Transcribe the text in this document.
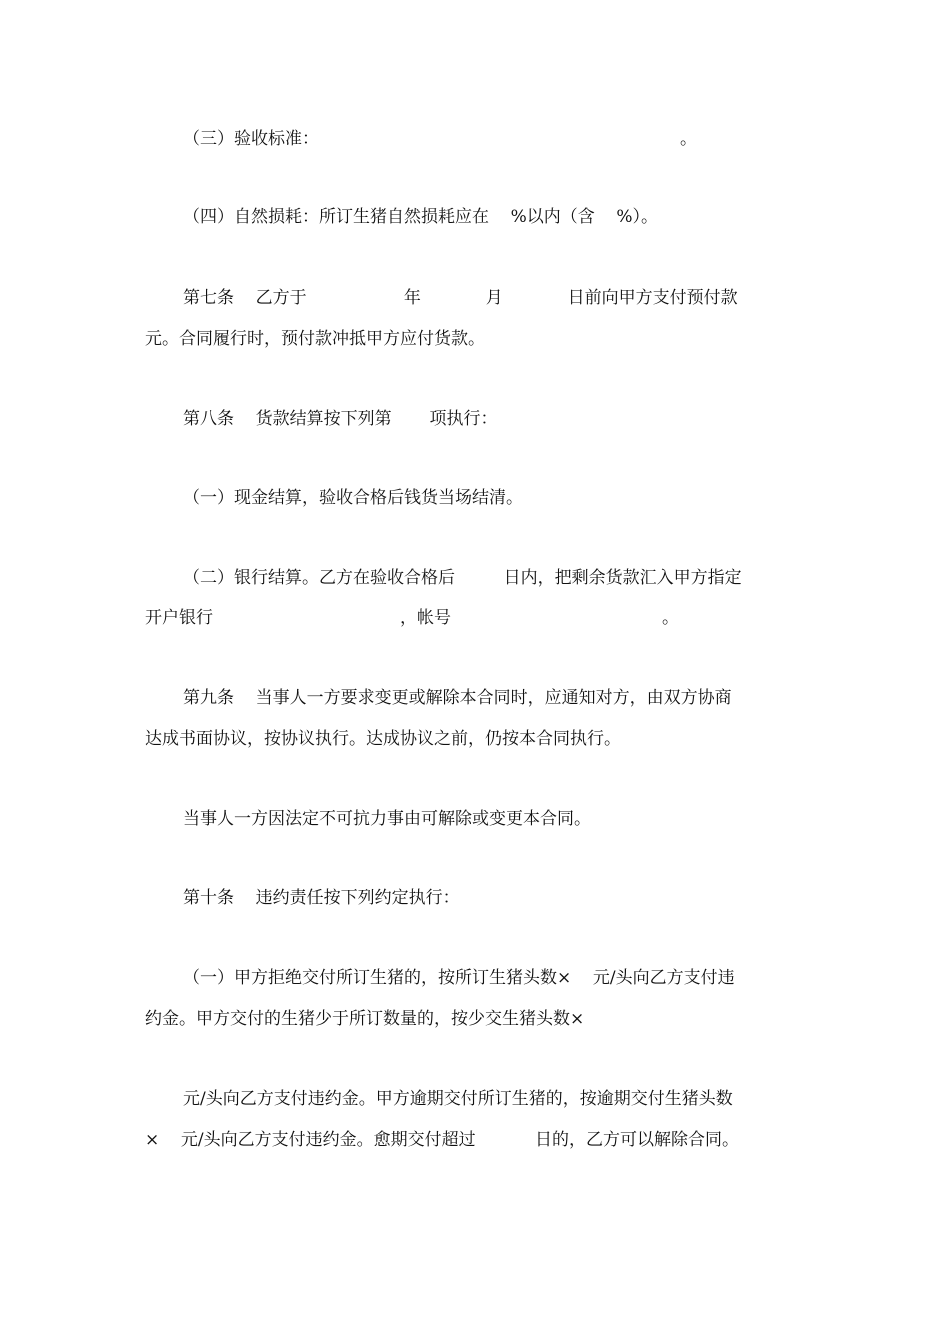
（三）验收标准：	。
（四）自然损耗：所订生猪自然损耗应在    %以内（含    %）。
第七条    乙方于                  年            月            日前向甲方支付预付款
元。合同履行时，预付款冲抵甲方应付货款。
第八条    货款结算按下列第       项执行：
（一）现金结算，验收合格后钱货当场结清。
（二）银行结算。乙方在验收合格后         日内，把剩余货款汇入甲方指定
开户银行	，帐号	。
第九条    当事人一方要求变更或解除本合同时，应通知对方，由双方协商
达成书面协议，按协议执行。达成协议之前，仍按本合同执行。
当事人一方因法定不可抗力事由可解除或变更本合同。
第十条    违约责任按下列约定执行：
（一）甲方拒绝交付所订生猪的，按所订生猪头数×    元/头向乙方支付违
约金。甲方交付的生猪少于所订数量的，按少交生猪头数×
元/头向乙方支付违约金。甲方逾期交付所订生猪的，按逾期交付生猪头数
×    元/头向乙方支付违约金。愈期交付超过           日的，乙方可以解除合同。
